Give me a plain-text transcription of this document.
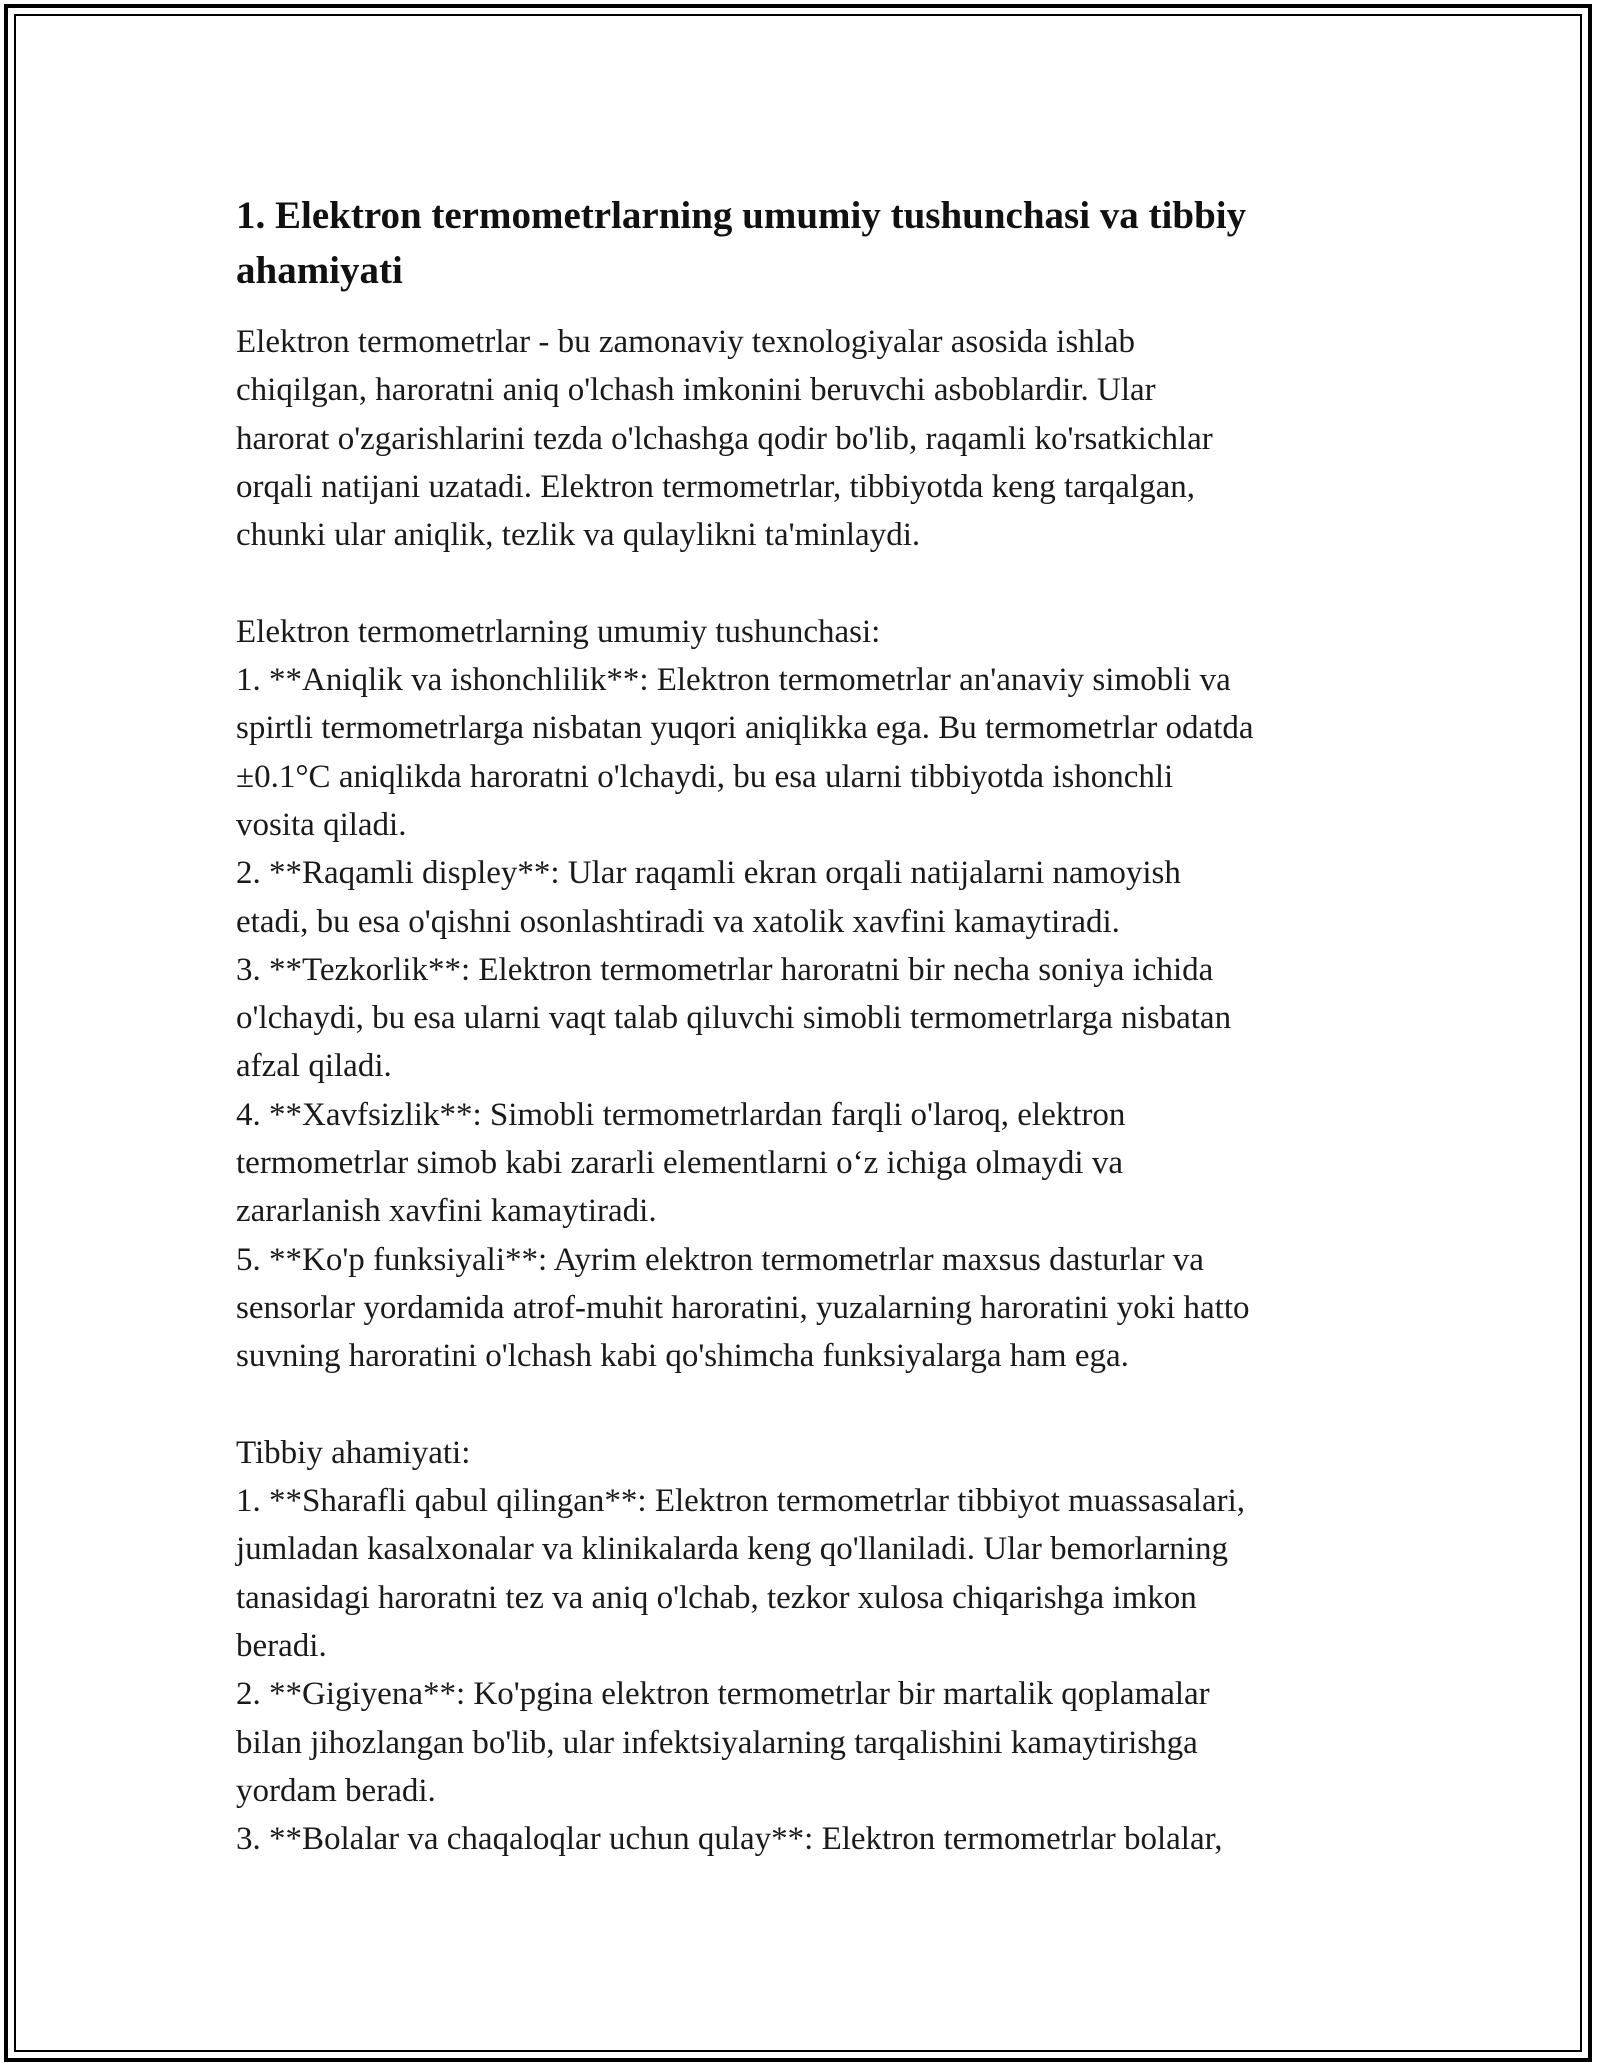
1. Elektron termometrlarning umumiy tushunchasi va tibbiy
ahamiyati
Elektron termometrlar - bu zamonaviy texnologiyalar asosida ishlab
chiqilgan, haroratni aniq o'lchash imkonini beruvchi asboblardir. Ular
harorat o'zgarishlarini tezda o'lchashga qodir bo'lib, raqamli ko'rsatkichlar
orqali natijani uzatadi. Elektron termometrlar, tibbiyotda keng tarqalgan,
chunki ular aniqlik, tezlik va qulaylikni ta'minlaydi.
Elektron termometrlarning umumiy tushunchasi:
1. **Aniqlik va ishonchlilik**: Elektron termometrlar an'anaviy simobli va
spirtli termometrlarga nisbatan yuqori aniqlikka ega. Bu termometrlar odatda
±0.1°C aniqlikda haroratni o'lchaydi, bu esa ularni tibbiyotda ishonchli
vosita qiladi.
2. **Raqamli displey**: Ular raqamli ekran orqali natijalarni namoyish
etadi, bu esa o'qishni osonlashtiradi va xatolik xavfini kamaytiradi.
3. **Tezkorlik**: Elektron termometrlar haroratni bir necha soniya ichida
o'lchaydi, bu esa ularni vaqt talab qiluvchi simobli termometrlarga nisbatan
afzal qiladi.
4. **Xavfsizlik**: Simobli termometrlardan farqli o'laroq, elektron
termometrlar simob kabi zararli elementlarni o‘z ichiga olmaydi va
zararlanish xavfini kamaytiradi.
5. **Ko'p funksiyali**: Ayrim elektron termometrlar maxsus dasturlar va
sensorlar yordamida atrof-muhit haroratini, yuzalarning haroratini yoki hatto
suvning haroratini o'lchash kabi qo'shimcha funksiyalarga ham ega.
Tibbiy ahamiyati:
1. **Sharafli qabul qilingan**: Elektron termometrlar tibbiyot muassasalari,
jumladan kasalxonalar va klinikalarda keng qo'llaniladi. Ular bemorlarning
tanasidagi haroratni tez va aniq o'lchab, tezkor xulosa chiqarishga imkon
beradi.
2. **Gigiyena**: Ko'pgina elektron termometrlar bir martalik qoplamalar
bilan jihozlangan bo'lib, ular infektsiyalarning tarqalishini kamaytirishga
yordam beradi.
3. **Bolalar va chaqaloqlar uchun qulay**: Elektron termometrlar bolalar,
